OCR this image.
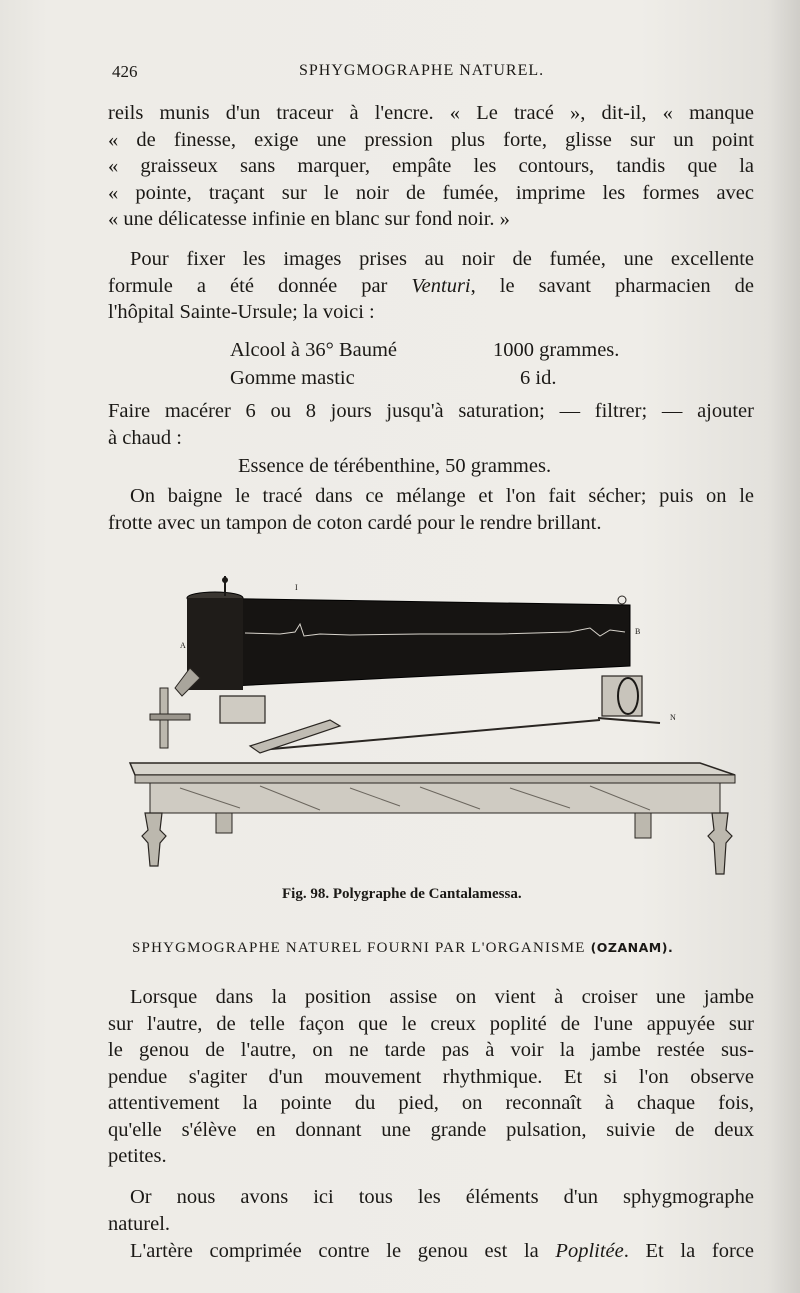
426	SPHYGMOGRAPHE NATUREL.
reils munis d'un traceur à l'encre. « Le tracé », dit-il, « manque
« de finesse, exige une pression plus forte, glisse sur un point
« graisseux sans marquer, empâte les contours, tandis que la
« pointe, traçant sur le noir de fumée, imprime les formes avec
« une délicatesse infinie en blanc sur fond noir. »
Pour fixer les images prises au noir de fumée, une excellente
formule a été donnée par Venturi, le savant pharmacien de
l'hôpital Sainte-Ursule; la voici :
Alcool à 36° Baumé	1000 grammes.
Gomme mastic	6 id.
Faire macérer 6 ou 8 jours jusqu'à saturation; — filtrer; — ajouter
à chaud :
Essence de térébenthine, 50 grammes.
On baigne le tracé dans ce mélange et l'on fait sécher; puis on le
frotte avec un tampon de coton cardé pour le rendre brillant.
I
A
B
N
Fig. 98. Polygraphe de Cantalamessa.
SPHYGMOGRAPHE NATUREL FOURNI PAR L'ORGANISME (OZANAM).
Lorsque dans la position assise on vient à croiser une jambe
sur l'autre, de telle façon que le creux poplité de l'une appuyée sur
le genou de l'autre, on ne tarde pas à voir la jambe restée sus-
pendue s'agiter d'un mouvement rhythmique. Et si l'on observe
attentivement la pointe du pied, on reconnaît à chaque fois,
qu'elle s'élève en donnant une grande pulsation, suivie de deux
petites.
Or nous avons ici tous les éléments d'un sphygmographe
naturel.
L'artère comprimée contre le genou est la Poplitée. Et la force
